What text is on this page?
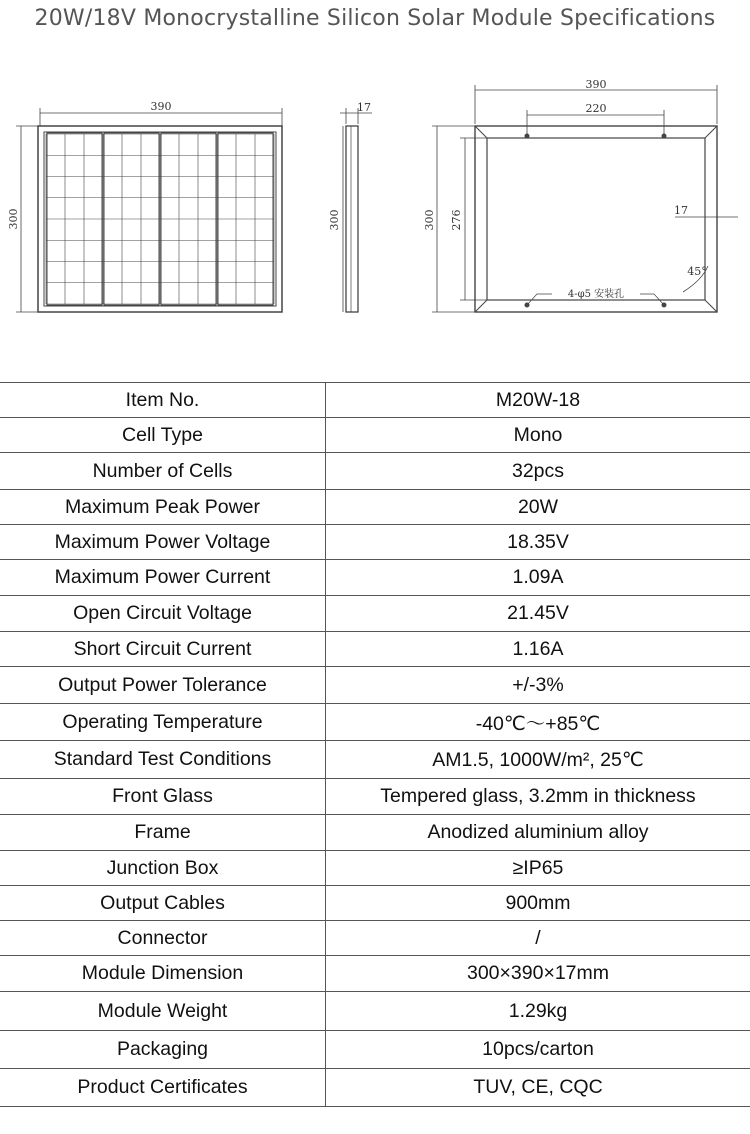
20W/18V Monocrystalline Silicon Solar Module Specifications
390
300
17
300
390
220
300 276	17
45°
4-φ5 安装孔
Item No.	M20W-18
Cell Type	Mono
Number of Cells	32pcs
Maximum Peak Power	20W
Maximum Power Voltage	18.35V
Maximum Power Current	1.09A
Open Circuit Voltage	21.45V
Short Circuit Current	1.16A
Output Power Tolerance	+/-3%
Operating Temperature	-40℃～+85℃
Standard Test Conditions	AM1.5, 1000W/m², 25℃
Front Glass	Tempered glass, 3.2mm in thickness
Frame	Anodized aluminium alloy
Junction Box	≥IP65
Output Cables	900mm
Connector	/
Module Dimension	300×390×17mm
Module Weight	1.29kg
Packaging	10pcs/carton
Product Certificates	TUV, CE, CQC
